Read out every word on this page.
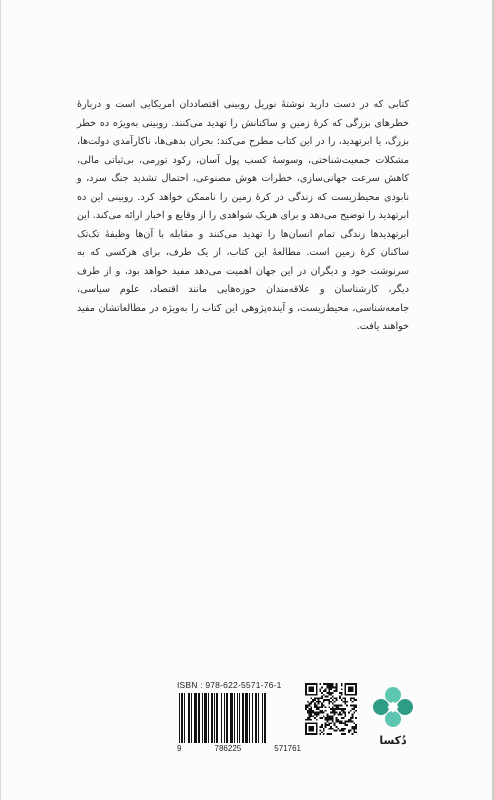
کتابی که در دست دارید نوشتهٔ نوریل روبینی اقتصاددان امریکایی است و دربارهٔ خطرهای بزرگی که کرهٔ زمین و ساکنانش را تهدید می‌کنند. روبینی به‌ویژه ده خطر بزرگ، یا ابرتهدید، را در این کتاب مطرح می‌کند: بحران بدهی‌ها، ناکارآمدی دولت‌ها، مشکلات جمعیت‌شناختی، وسوسهٔ کسب پول آسان، رکود تورمی، بی‌ثباتی مالی، کاهش سرعت جهانی‌سازی، خطرات هوش مصنوعی، احتمال تشدید جنگ سرد، و نابودی محیط‌زیست که زندگی در کرهٔ زمین را ناممکن خواهد کرد. روبینی این ده ابرتهدید را توضیح می‌دهد و برای هریک شواهدی را از وقایع و اخبار ارائه می‌کند. این ابرتهدیدها زندگی تمام انسان‌ها را تهدید می‌کنند و مقابله با آن‌ها وظیفهٔ تک‌تک ساکنان کرهٔ زمین است. مطالعهٔ این کتاب، از یک طرف، برای هرکسی که به سرنوشت خود و دیگران در این جهان اهمیت می‌دهد مفید خواهد بود، و از طرف دیگر، کارشناسان و علاقه‌مندان حوزه‌هایی مانند اقتصاد، علوم سیاسی، جامعه‌شناسی، محیط‌زیست، و آینده‌پژوهی این کتاب را به‌ویژه در مطالعاتشان مفید خواهند یافت.

ISBN : 978-622-5571-76-1
9	786225	571761
دُکسا
